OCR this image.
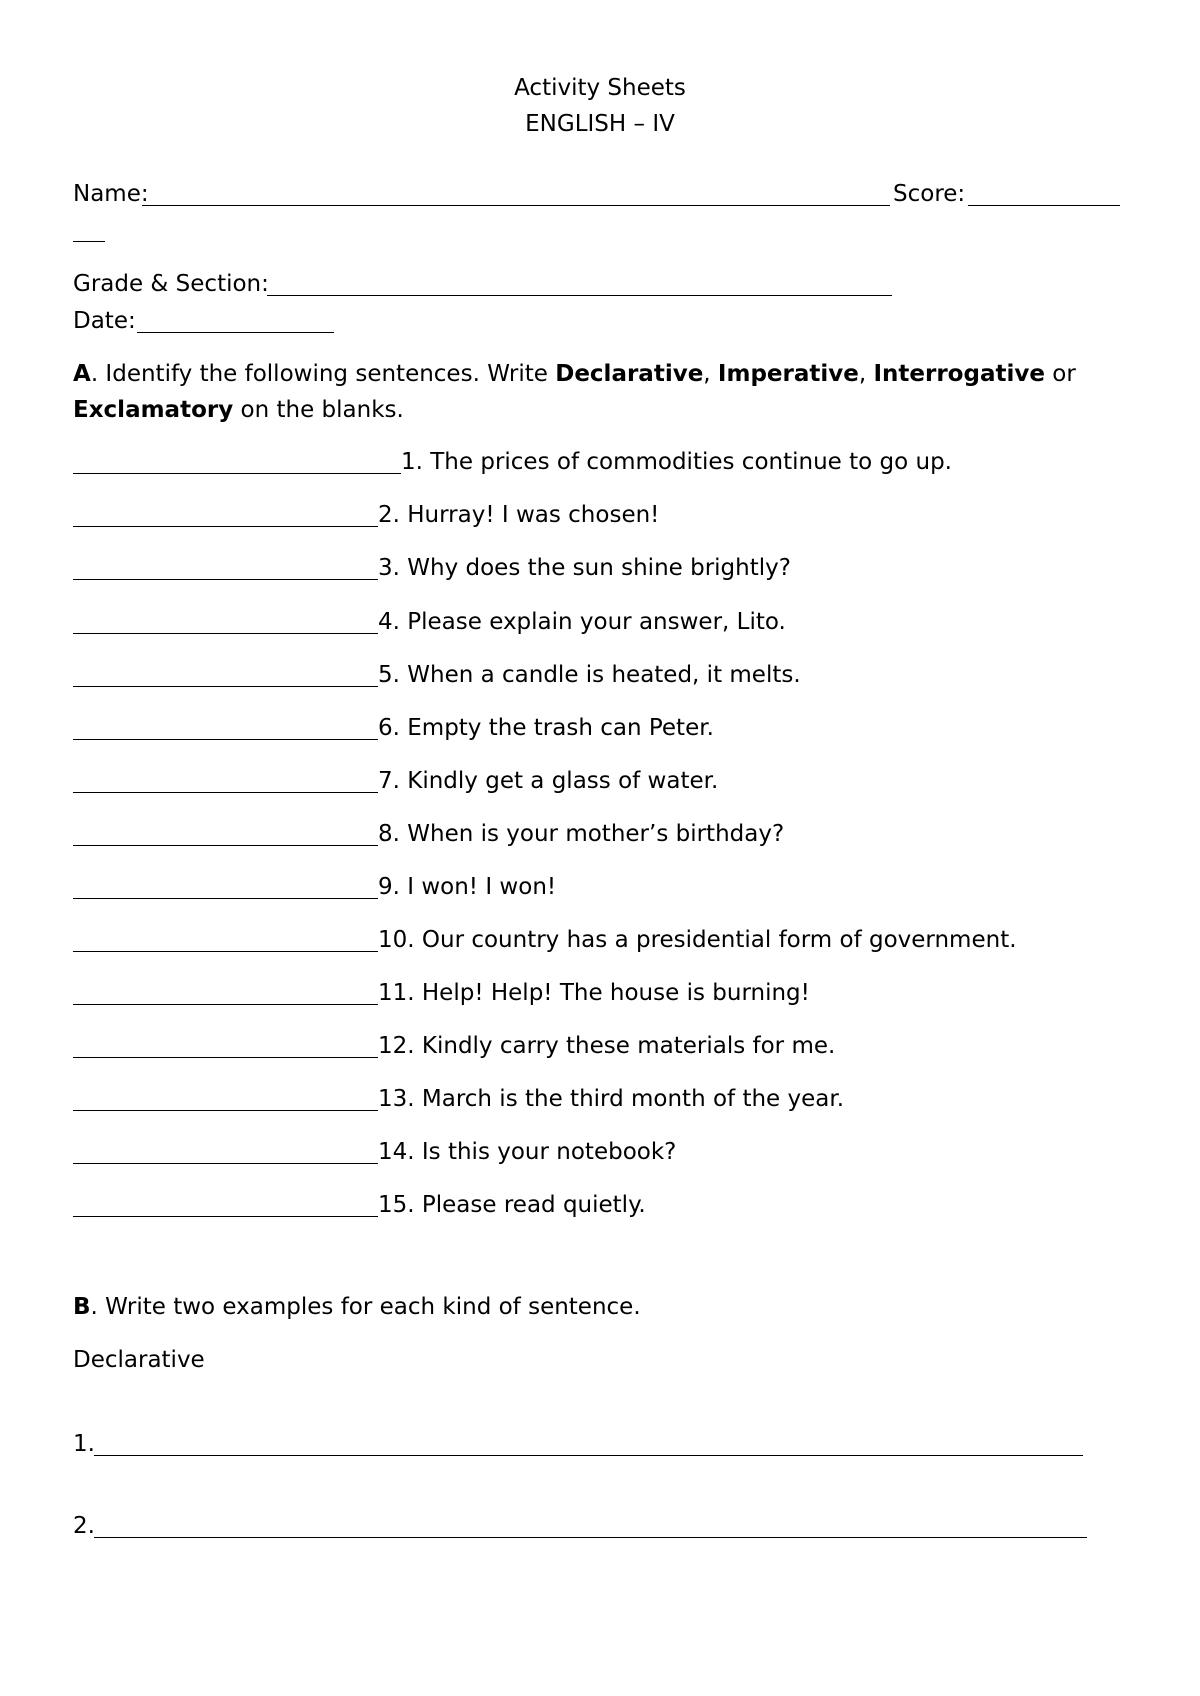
Activity Sheets
ENGLISH – IV
Name:	Score:
Grade & Section:
Date:
A. Identify the following sentences. Write Declarative, Imperative, Interrogative or
Exclamatory on the blanks.
1. The prices of commodities continue to go up.
2. Hurray! I was chosen!
3. Why does the sun shine brightly?
4. Please explain your answer, Lito.
5. When a candle is heated, it melts.
6. Empty the trash can Peter.
7. Kindly get a glass of water.
8. When is your mother’s birthday?
9. I won! I won!
10. Our country has a presidential form of government.
11. Help! Help! The house is burning!
12. Kindly carry these materials for me.
13. March is the third month of the year.
14. Is this your notebook?
15. Please read quietly.
B. Write two examples for each kind of sentence.
Declarative
1.
2.
